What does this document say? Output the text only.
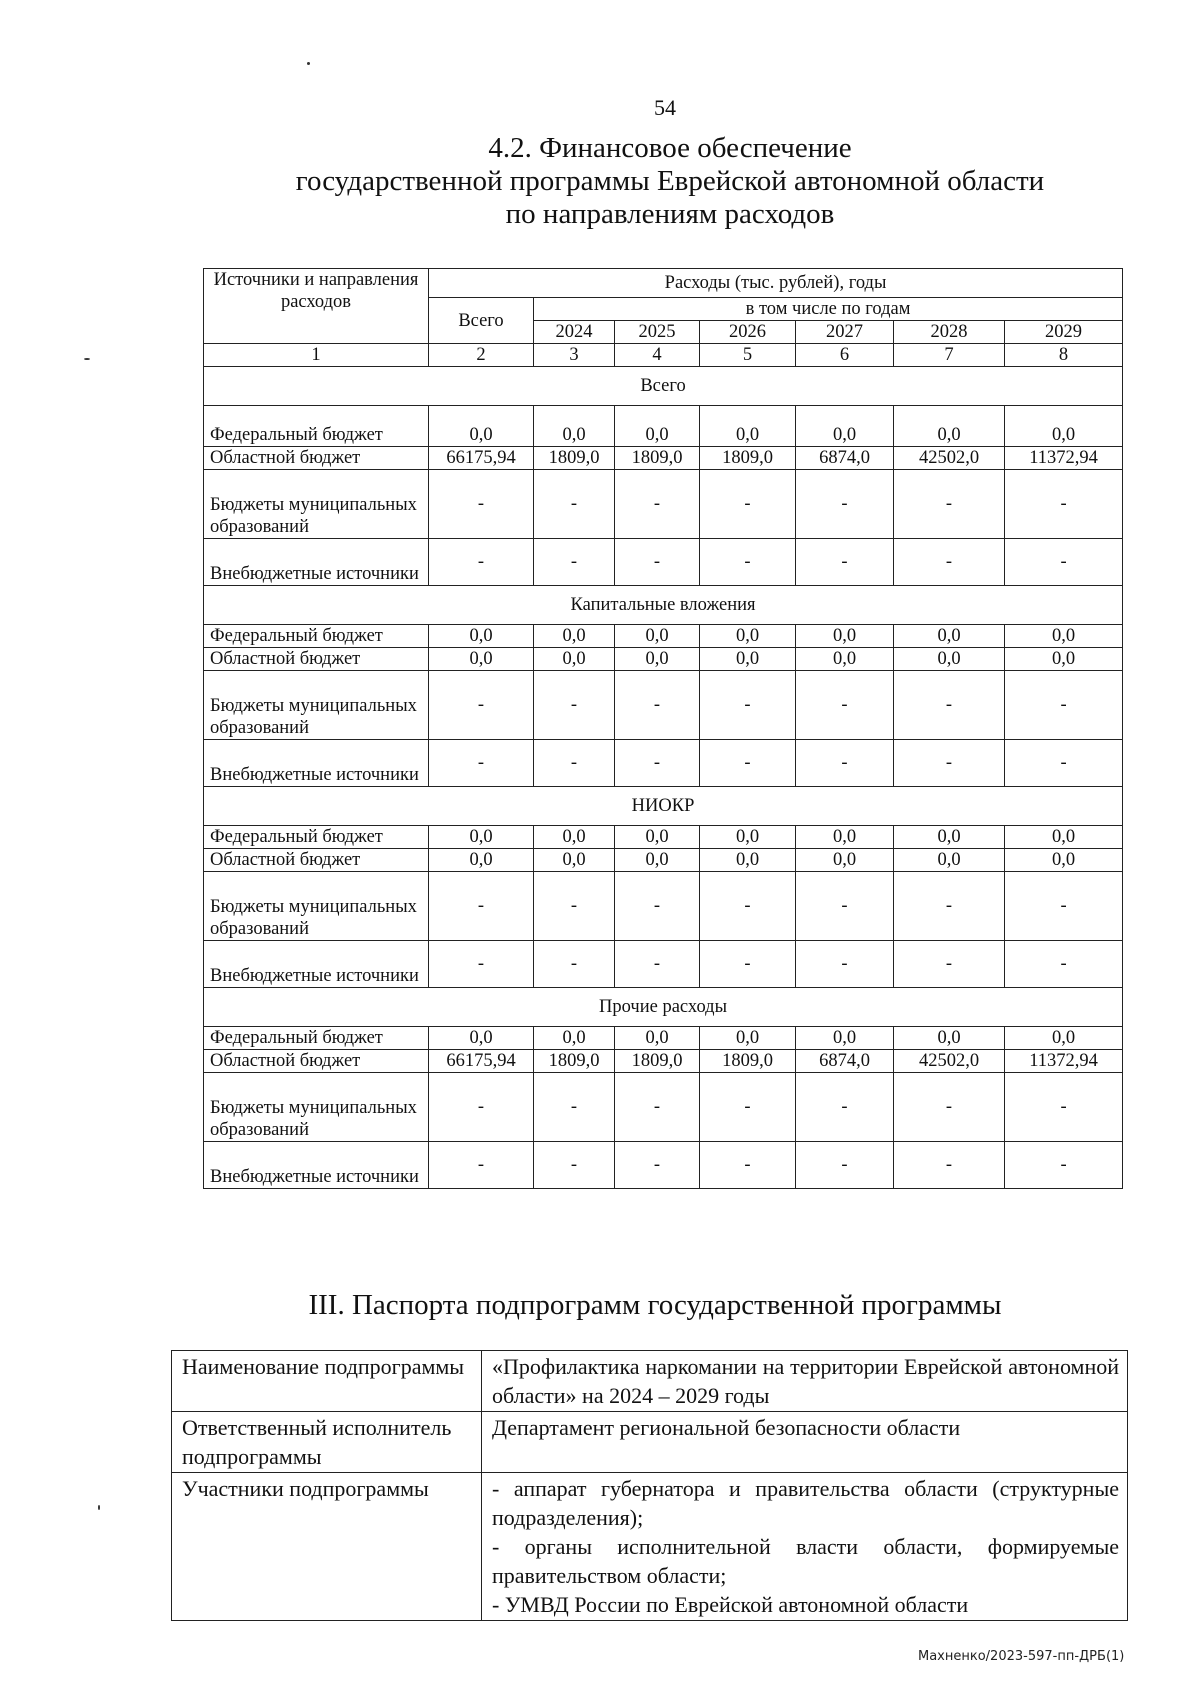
54
4.2. Финансовое обеспечение
государственной программы Еврейской автономной области
по направлениям расходов
Источники и направления расходов	Расходы (тыс. рублей), годы						
	Всего	в том числе по годам					
		2024	2025	2026	2027	2028	2029
1	2	3	4	5	6	7	8
Всего							
Федеральный бюджет	0,0	0,0	0,0	0,0	0,0	0,0	0,0
Областной бюджет	66175,94	1809,0	1809,0	1809,0	6874,0	42502,0	11372,94
Бюджеты муниципальных образований	-	-	-	-	-	-	-
Внебюджетные источники	-	-	-	-	-	-	-
Капитальные вложения							
Федеральный бюджет	0,0	0,0	0,0	0,0	0,0	0,0	0,0
Областной бюджет	0,0	0,0	0,0	0,0	0,0	0,0	0,0
Бюджеты муниципальных образований	-	-	-	-	-	-	-
Внебюджетные источники	-	-	-	-	-	-	-
НИОКР							
Федеральный бюджет	0,0	0,0	0,0	0,0	0,0	0,0	0,0
Областной бюджет	0,0	0,0	0,0	0,0	0,0	0,0	0,0
Бюджеты муниципальных образований	-	-	-	-	-	-	-
Внебюджетные источники	-	-	-	-	-	-	-
Прочие расходы							
Федеральный бюджет	0,0	0,0	0,0	0,0	0,0	0,0	0,0
Областной бюджет	66175,94	1809,0	1809,0	1809,0	6874,0	42502,0	11372,94
Бюджеты муниципальных образований	-	-	-	-	-	-	-
Внебюджетные источники	-	-	-	-	-	-	-
III. Паспорта подпрограмм государственной программы
Наименование подпрограммы	«Профилактика наркомании на территории Еврейской автономной области» на 2024 – 2029 годы
Ответственный исполнитель подпрограммы	Департамент региональной безопасности области
Участники подпрограммы	- аппарат губернатора и правительства области (структурные подразделения);
- органы исполнительной власти области, формируемые правительством области;
- УМВД России по Еврейской автономной области
Махненко/2023-597-пп-ДРБ(1)
